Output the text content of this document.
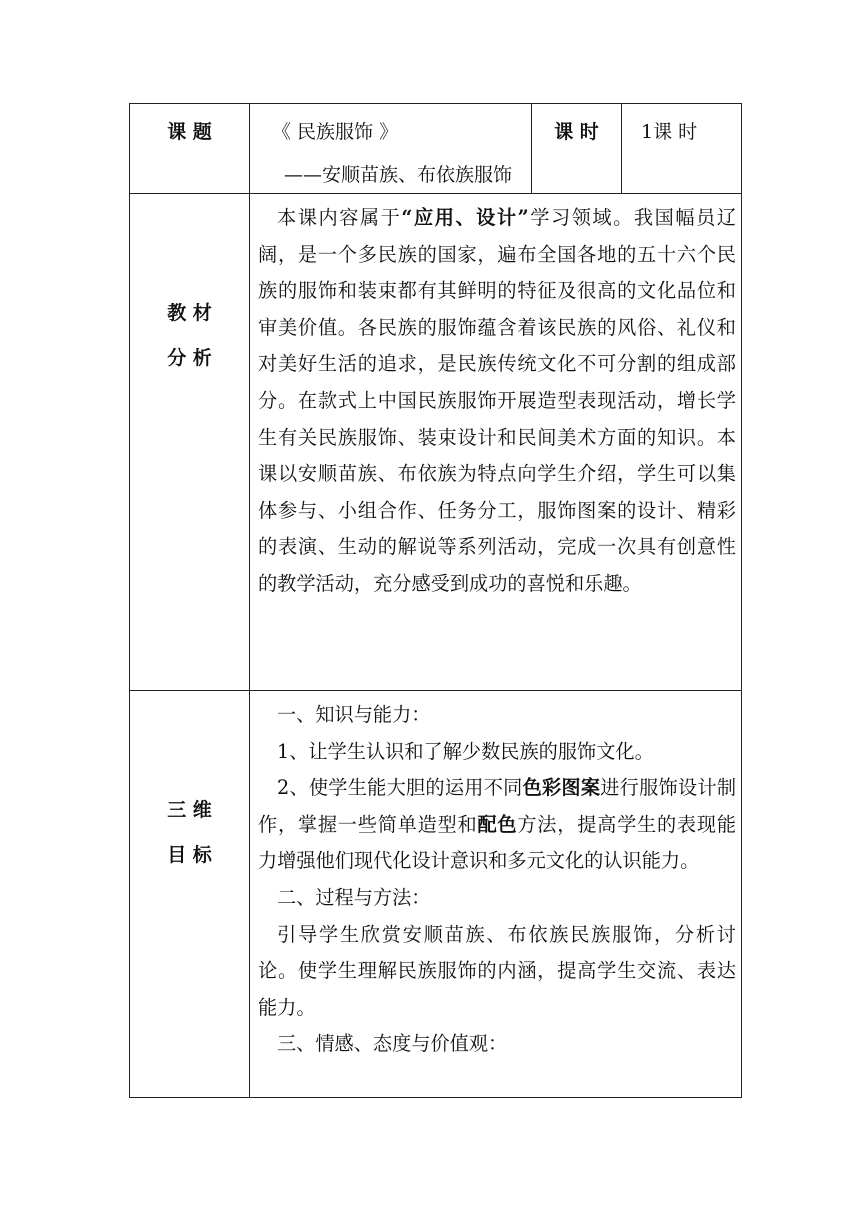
课 题	《 民族服饰 》
——安顺苗族、布依族服饰
课 时	1课 时
教 材
分 析

本课内容属于“应用、设计”学习领域。我国幅员辽阔，是一个多民族的国家，遍布全国各地的五十六个民族的服饰和装束都有其鲜明的特征及很高的文化品位和审美价值。各民族的服饰蕴含着该民族的风俗、礼仪和对美好生活的追求，是民族传统文化不可分割的组成部分。在款式上中国民族服饰开展造型表现活动，增长学生有关民族服饰、装束设计和民间美术方面的知识。本课以安顺苗族、布依族为特点向学生介绍，学生可以集体参与、小组合作、任务分工，服饰图案的设计、精彩的表演、生动的解说等系列活动，完成一次具有创意性的教学活动，充分感受到成功的喜悦和乐趣。

三 维
目 标

一、知识与能力：

1、让学生认识和了解少数民族的服饰文化。

2、使学生能大胆的运用不同色彩图案进行服饰设计制作，掌握一些简单造型和配色方法，提高学生的表现能力增强他们现代化设计意识和多元文化的认识能力。

二、过程与方法：

引导学生欣赏安顺苗族、布依族民族服饰，分析讨论。使学生理解民族服饰的内涵，提高学生交流、表达能力。

三、情感、态度与价值观：
